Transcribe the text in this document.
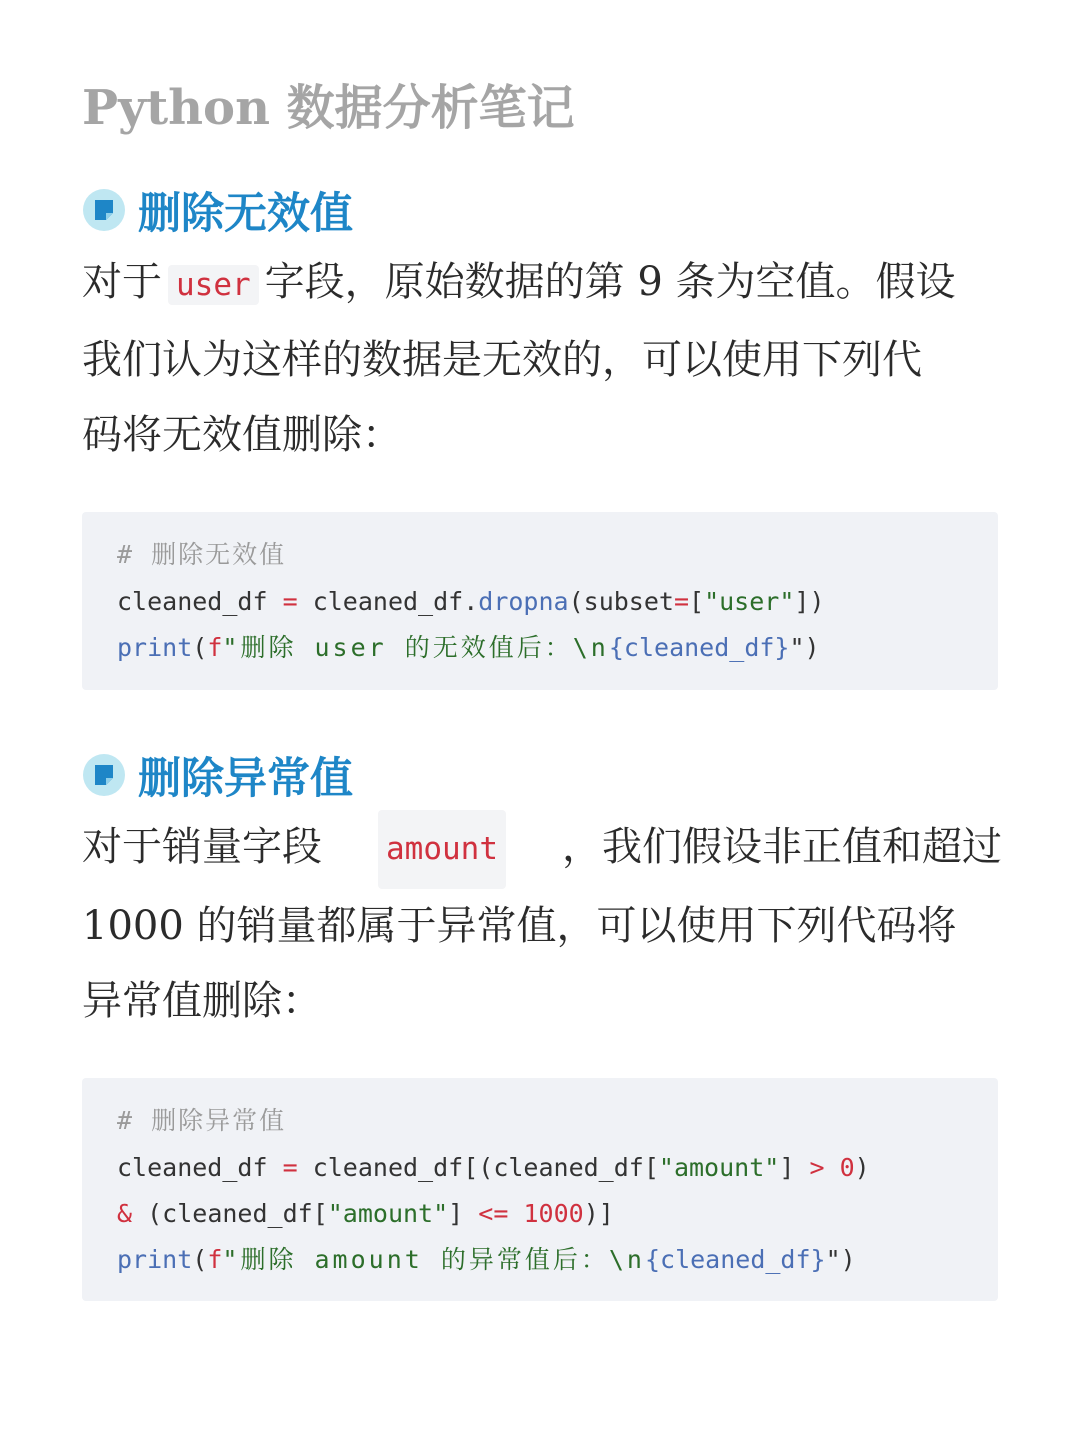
Python 数据分析笔记
删除无效值
对于 user 字段，原始数据的第 9 条为空值。假设
我们认为这样的数据是无效的，可以使用下列代
码将无效值删除：
# 删除无效值
cleaned_df = cleaned_df.dropna(subset=["user"])
print(f"删除 user 的无效值后：\n{cleaned_df}")
删除异常值
对于销量字段 amount ，我们假设非正值和超过
1000 的销量都属于异常值，可以使用下列代码将
异常值删除：
# 删除异常值
cleaned_df = cleaned_df[(cleaned_df["amount"] > 0)
& (cleaned_df["amount"] <= 1000)]
print(f"删除 amount 的异常值后：\n{cleaned_df}")
